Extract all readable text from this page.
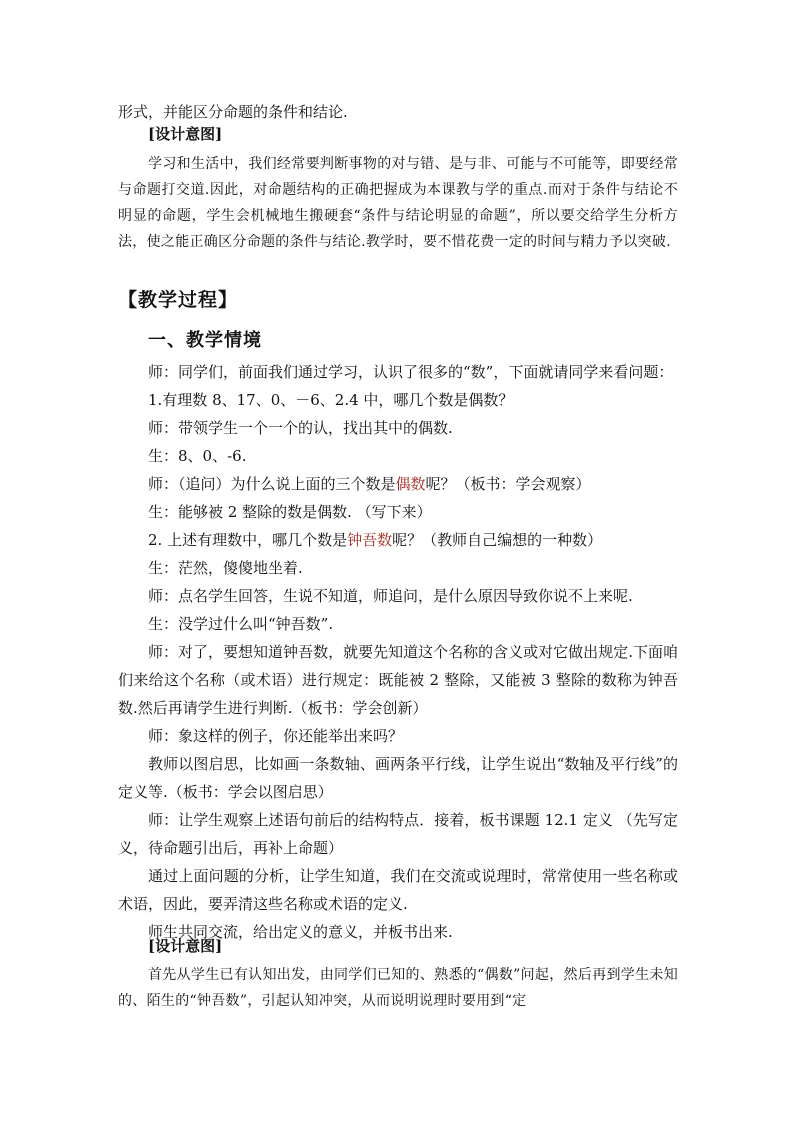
形式，并能区分命题的条件和结论.

[设计意图]

学习和生活中，我们经常要判断事物的对与错、是与非、可能与不可能等，即要经常与命题打交道.因此，对命题结构的正确把握成为本课教与学的重点.而对于条件与结论不明显的命题，学生会机械地生搬硬套“条件与结论明显的命题”，所以要交给学生分析方法，使之能正确区分命题的条件与结论.教学时，要不惜花费一定的时间与精力予以突破.

【教学过程】

一、教学情境

师：同学们，前面我们通过学习，认识了很多的“数”，下面就请同学来看问题：

1.有理数 8、17、0、－6、2.4 中，哪几个数是偶数？

师：带领学生一个一个的认，找出其中的偶数.

生：8、0、-6.

师：（追问）为什么说上面的三个数是偶数呢？（板书：学会观察）

生：能够被 2 整除的数是偶数. （写下来）

2. 上述有理数中，哪几个数是钟吾数呢？（教师自己编想的一种数）

生：茫然，傻傻地坐着.

师：点名学生回答，生说不知道，师追问，是什么原因导致你说不上来呢.

生：没学过什么叫“钟吾数”.

师：对了，要想知道钟吾数，就要先知道这个名称的含义或对它做出规定.下面咱们来给这个名称（或术语）进行规定：既能被 2 整除，又能被 3 整除的数称为钟吾数.然后再请学生进行判断.（板书：学会创新）

师：象这样的例子，你还能举出来吗？

教师以图启思，比如画一条数轴、画两条平行线，让学生说出“数轴及平行线”的定义等.（板书：学会以图启思）

师：让学生观察上述语句前后的结构特点．接着，板书课题 12.1 定义 （先写定义，待命题引出后，再补上命题）

通过上面问题的分析，让学生知道，我们在交流或说理时，常常使用一些名称或术语，因此，要弄清这些名称或术语的定义.

师生共同交流，给出定义的意义，并板书出来.

[设计意图]

首先从学生已有认知出发，由同学们已知的、熟悉的“偶数”问起，然后再到学生未知的、陌生的“钟吾数”，引起认知冲突，从而说明说理时要用到“定
